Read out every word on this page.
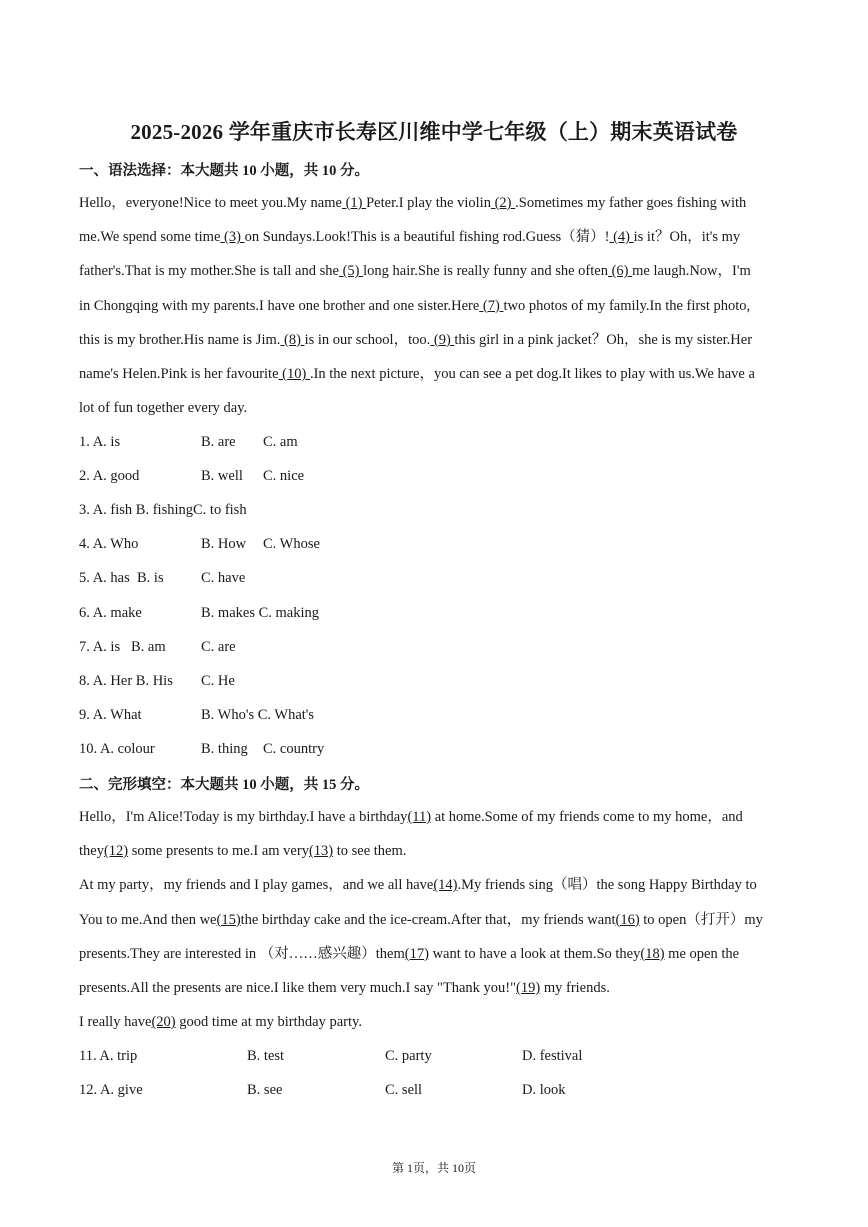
2025-2026 学年重庆市长寿区川维中学七年级（上）期末英语试卷
一、语法选择：本大题共 10 小题，共 10 分。
Hello，everyone!Nice to meet you.My name (1) Peter.I play the violin (2) .Sometimes my father goes fishing with
me.We spend some time (3) on Sundays.Look!This is a beautiful fishing rod.Guess（猜）! (4) is it？Oh，it's my
father's.That is my mother.She is tall and she (5) long hair.She is really funny and she often (6) me laugh.Now，I'm
in Chongqing with my parents.I have one brother and one sister.Here (7) two photos of my family.In the first photo,
this is my brother.His name is Jim. (8) is in our school，too. (9) this girl in a pink jacket？Oh，she is my sister.Her
name's Helen.Pink is her favourite (10) .In the next picture，you can see a pet dog.It likes to play with us.We have a
lot of fun together every day.
1. A. is	B. are C. am
2. A. good	B. well C. nice
3. A. fish B. fishingC. to fish
4. A. Who	B. How C. Whose
5. A. has  B. is	C. have
6. A. make	B. makes C. making
7. A. is   B. am C. are
8. A. Her B. His C. He
9. A. What	B. Who's C. What's
10. A. colour	B. thing C. country
二、完形填空：本大题共 10 小题，共 15 分。
Hello，I'm Alice!Today is my birthday.I have a birthday(11) at home.Some of my friends come to my home，and
they(12) some presents to me.I am very(13) to see them.
At my party，my friends and I play games，and we all have(14).My friends sing（唱）the song Happy Birthday to
You to me.And then we(15)the birthday cake and the ice-cream.After that，my friends want(16) to open（打开）my
presents.They are interested in （对……感兴趣）them(17) want to have a look at them.So they(18) me open the
presents.All the presents are nice.I like them very much.I say "Thank you!"(19) my friends.
I really have(20) good time at my birthday party.
11. A. trip	B. test	C. party	D. festival
12. A. give	B. see	C. sell	D. look
第 1页，共 10页
